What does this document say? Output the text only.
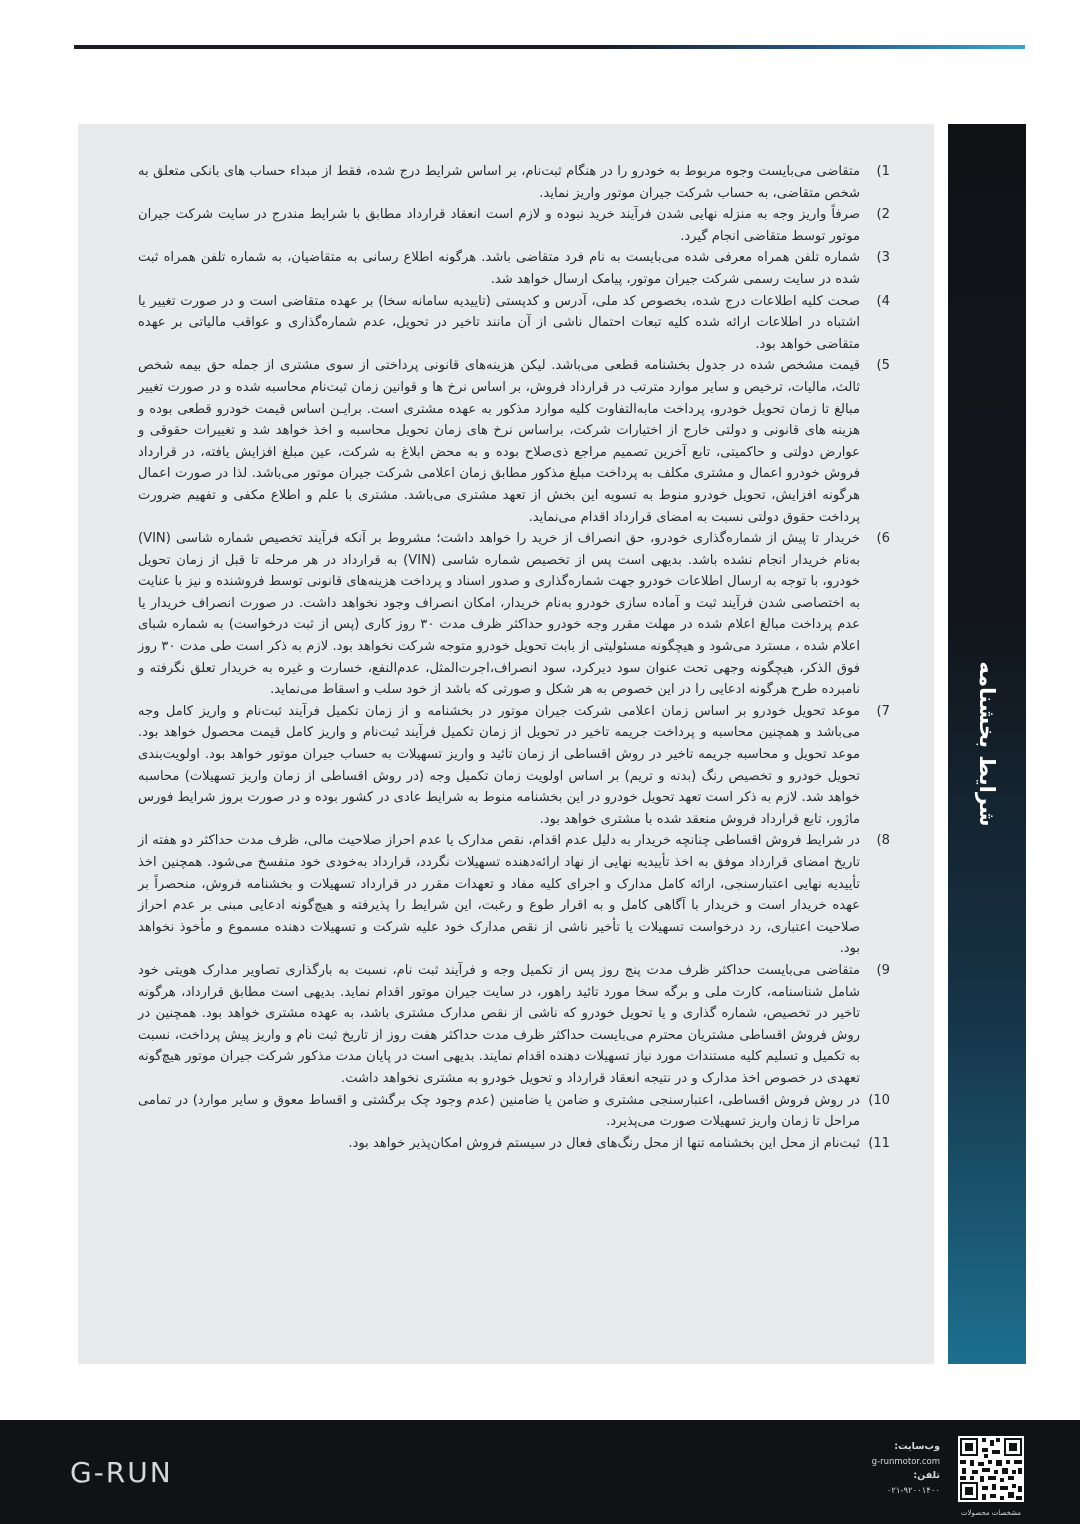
1)
متقاضی می‌بایست وجوه مربوط به خودرو را در هنگام ثبت‌نام، بر اساس شرایط درج شده، فقط از مبداء حساب های بانکی متعلق به شخص متقاضی، به حساب شرکت جیران موتور واریز نماید.
2)
صرفاً واریز وجه به منزله نهایی شدن فرآیند خرید نبوده و لازم است انعقاد قرارداد مطابق با شرایط مندرج در سایت شرکت جیران موتور توسط متقاضی انجام گیرد.
3)
شماره تلفن همراه معرفی شده می‌بایست به نام فرد متقاضی باشد. هرگونه اطلاع رسانی به متقاضیان، به شماره تلفن همراه ثبت شده در سایت رسمی شرکت جیران موتور، پیامک ارسال خواهد شد.
4)
صحت کلیه اطلاعات درج شده، بخصوص کد ملی، آدرس و کدپستی (تاییدیه سامانه سخا) بر عهده متقاضی است و در صورت تغییر یا اشتباه در اطلاعات ارائه شده کلیه تبعات احتمال ناشی از آن مانند تاخیر در تحویل، عدم شماره‌گذاری و عواقب مالیاتی بر عهده متقاضی خواهد بود.
5)
قیمت مشخص شده در جدول بخشنامه قطعی می‌باشد. لیکن هزینه‌های قانونی پرداختی از سوی مشتری از جمله حق بیمه شخص ثالث، مالیات، ترخیص و سایر موارد مترتب در قرارداد فروش، بر اساس نرخ ها و قوانین زمان ثبت‌نام محاسبه شده و در صورت تغییر مبالغ تا زمان تحویل خودرو، پرداخت مابه‌التفاوت کلیه موارد مذکور به عهده مشتری است. برایـن اساس قیمت خودرو قطعی بوده و هزینه های قانونی و دولتی خارج از اختیارات شرکت، براساس نرخ های زمان تحویل محاسبه و اخذ خواهد شد و تغییرات حقوقی و عوارض دولتی و حاکمیتی، تابع آخرین تصمیم مراجع ذی‌صلاح بوده و به محض ابلاغ به شرکت، عین مبلغ افزایش یافته، در قرارداد فروش خودرو اعمال و مشتری مکلف به پرداخت مبلغ مذکور مطابق زمان اعلامی شرکت جیران موتور می‌باشد. لذا در صورت اعمال هرگونه افزایش، تحویل خودرو منوط به تسویه این بخش از تعهد مشتری می‌باشد. مشتری با علم و اطلاع مکفی و تفهیم ضرورت پرداخت حقوق دولتی نسبت به امضای قرارداد اقدام می‌نماید.
6)
خریدار تا پیش از شماره‌گذاری خودرو، حق انصراف از خرید را خواهد داشت؛ مشروط بر آنکه فرآیند تخصیص شماره شاسی (VIN) به‌نام خریدار انجام نشده باشد. بدیهی است پس از تخصیص شماره شاسی (VIN) به قرارداد در هر مرحله تا قبل از زمان تحویل خودرو، با توجه به ارسال اطلاعات خودرو جهت شماره‌گذاری و صدور اسناد و پرداخت هزینه‌های قانونی توسط فروشنده و نیز با عنایت به اختصاصی شدن فرآیند ثبت و آماده سازی خودرو به‌نام خریدار، امکان انصراف وجود نخواهد داشت. در صورت انصراف خریدار یا عدم پرداخت مبالغ اعلام شده در مهلت مقرر وجه خودرو حداکثر ظرف مدت ۳۰ روز کاری (پس از ثبت درخواست) به شماره شبای اعلام شده ، مسترد می‌شود و هیچگونه مسئولیتی از بابت تحویل خودرو متوجه شرکت نخواهد بود. لازم به ذکر است طی مدت ۳۰ روز فوق الذکر، هیچگونه وجهی تحت عنوان سود دیرکرد، سود انصراف،اجرت‌المثل، عدم‌النفع، خسارت و غیره به خریدار تعلق نگرفته و نامبرده طرح هرگونه ادعایی را در این خصوص به هر شکل و صورتی که باشد از خود سلب و اسقاط می‌نماید.
7)
موعد تحویل خودرو بر اساس زمان اعلامی شرکت جیران موتور در بخشنامه و از زمان تکمیل فرآیند ثبت‌نام و واریز کامل وجه می‌باشد و همچنین محاسبه و پرداخت جریمه تاخیر در تحویل از زمان تکمیل فرآیند ثبت‌نام و واریز کامل قیمت محصول خواهد بود. موعد تحویل و محاسبه جریمه تاخیر در روش اقساطی از زمان تائید و واریز تسهیلات به حساب جیران موتور خواهد بود. اولویت‌بندی تحویل خودرو و تخصیص رنگ (بدنه و تریم) بر اساس اولویت زمان تکمیل وجه (در روش اقساطی از زمان واریز تسهیلات) محاسبه خواهد شد. لازم به ذکر است تعهد تحویل خودرو در این بخشنامه منوط به شرایط عادی در کشور بوده و در صورت بروز شرایط فورس ماژور، تابع قرارداد فروش منعقد شده با مشتری خواهد بود.
8)
در شرایط فروش اقساطی چنانچه خریدار به دلیل عدم اقدام، نقص مدارک یا عدم احراز صلاحیت مالی، ظرف مدت حداکثر دو هفته از تاریخ امضای قرارداد موفق به اخذ تأییدیه نهایی از نهاد ارائه‌دهنده تسهیلات نگردد، قرارداد به‌خودی خود منفسخ می‌شود. همچنین اخذ تأییدیه نهایی اعتبارسنجی، ارائه کامل مدارک و اجرای کلیه مفاد و تعهدات مقرر در قرارداد تسهیلات و بخشنامه فروش، منحصراً بر عهده خریدار است و خریدار با آگاهی کامل و به اقرار طوع و رغبت، این شرایط را پذیرفته و هیچ‌گونه ادعایی مبنی بر عدم احراز صلاحیت اعتباری، رد درخواست تسهیلات یا تأخیر ناشی از نقص مدارک خود علیه شرکت و تسهیلات دهنده مسموع و مأخوذ نخواهد بود.
9)
متقاضی می‌بایست حداکثر ظرف مدت پنج روز پس از تکمیل وجه و فرآیند ثبت نام، نسبت به بارگذاری تصاویر مدارک هویتی خود شامل شناسنامه، کارت ملی و برگه سخا مورد تائید راهور، در سایت جیران موتور اقدام نماید. بدیهی است مطابق قرارداد، هرگونه تاخیر در تخصیص، شماره گذاری و یا تحویل خودرو که ناشی از نقص مدارک مشتری باشد، به عهده مشتری خواهد بود. همچنین در روش فروش اقساطی مشتریان محترم می‌بایست حداکثر ظرف مدت حداکثر هفت روز از تاریخ ثبت نام و واریز پیش پرداخت، نسبت به تکمیل و تسلیم کلیه مستندات مورد نیاز تسهیلات دهنده اقدام نمایند. بدیهی است در پایان مدت مذکور شرکت جیران موتور هیچ‌گونه تعهدی در خصوص اخذ مدارک و در نتیجه انعقاد قرارداد و تحویل خودرو به مشتری نخواهد داشت.
10)
در روش فروش اقساطی، اعتبارسنجی مشتری و ضامن یا ضامنین (عدم وجود چک برگشتی و اقساط معوق و سایر موارد) در تمامی مراحل تا زمان واریز تسهیلات صورت می‌پذیرد.
11)
ثبت‌نام از محل این بخشنامه تنها از محل رنگ‌های فعال در سیستم فروش امکان‌پذیر خواهد بود.
شرایط بخشنامه
G-RUN
وب‌سایت:
g-runmotor.com
تلفن:
۰۲۱-۹۲۰۰۱۴۰۰
مشخصات محصولات
